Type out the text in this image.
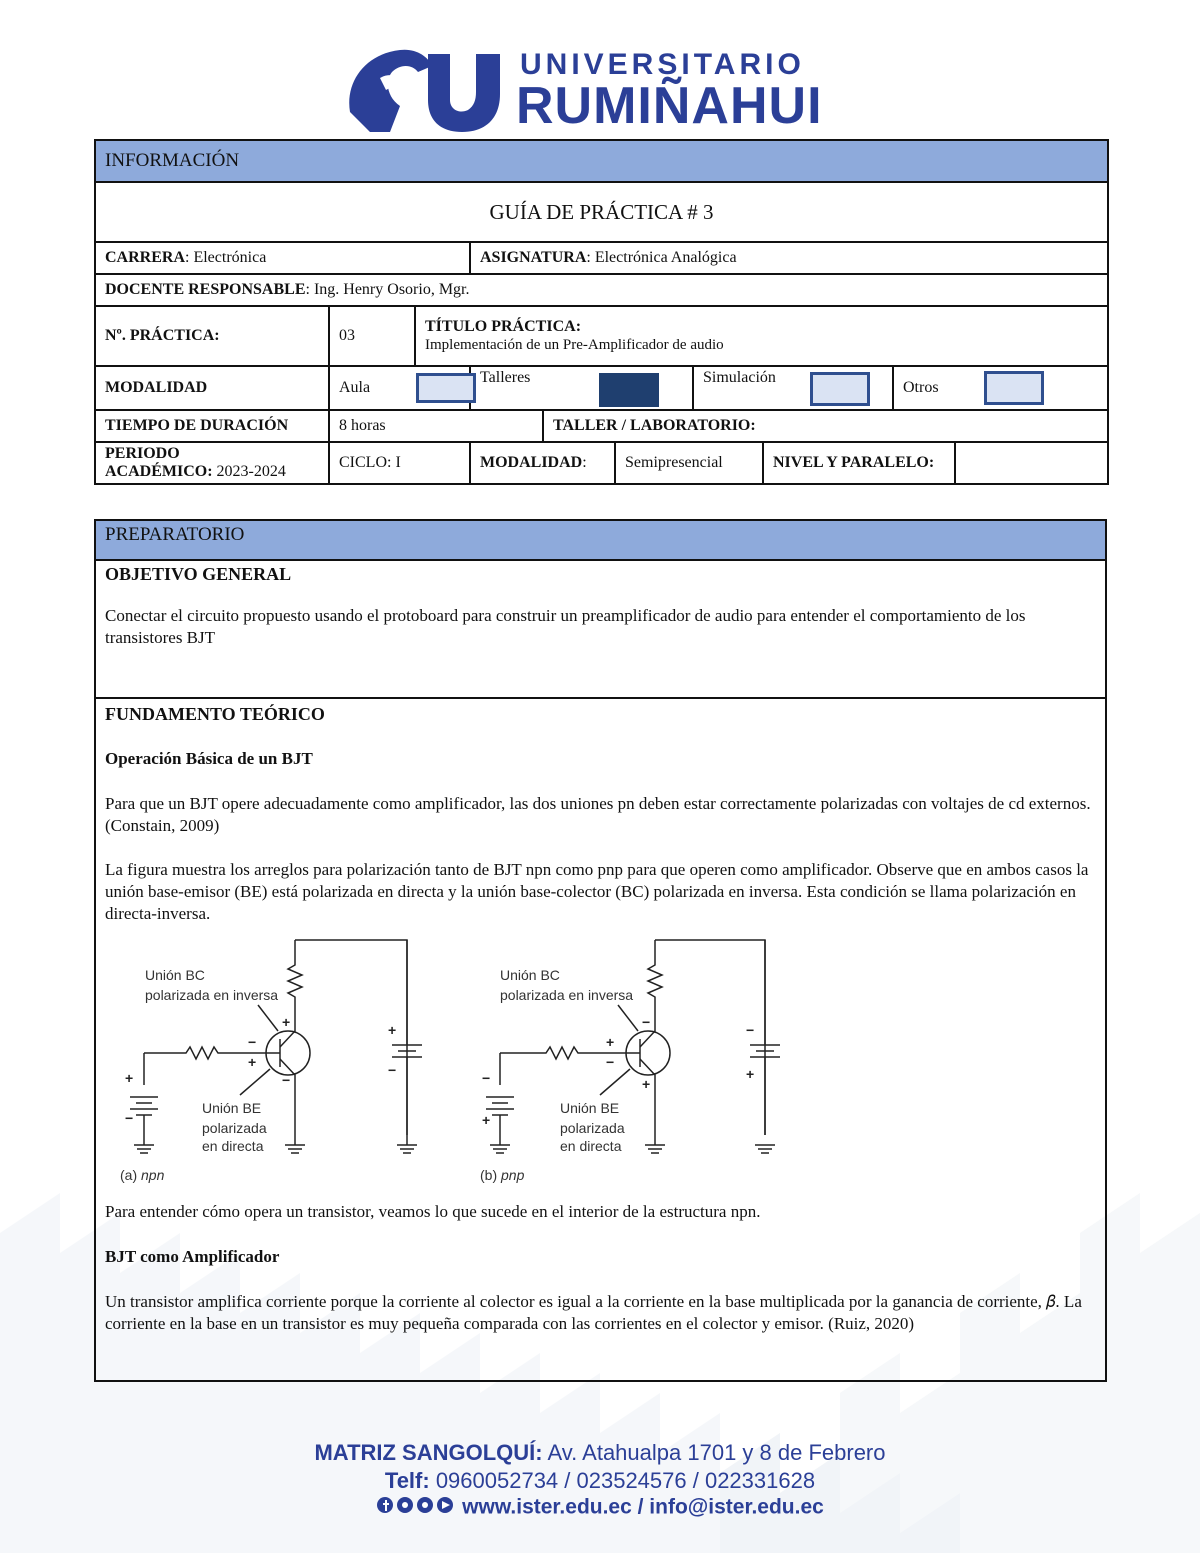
UNIVERSITARIO
RUMIÑAHUI
INFORMACIÓN									
GUÍA DE PRÁCTICA # 3									
CARRERA: Electrónica			ASIGNATURA: Electrónica Analógica						
DOCENTE RESPONSABLE: Ing. Henry Osorio, Mgr.									
Nº. PRÁCTICA:	03	TÍTULO PRÁCTICA:
Implementación de un Pre-Amplificador de audio							

MODALIDAD	Aula		Talleres			Simulación		Otros	

TIEMPO DE DURACIÓN	8 horas			TALLER / LABORATORIO:					

PERIODO
ACADÉMICO: 2023-2024	CICLO: I		MODALIDAD:		Semipresencial		NIVEL Y PARALELO:		
PREPARATORIO

OBJETIVO GENERAL

Conectar el circuito propuesto usando el protoboard para construir un preamplificador de audio para entender el comportamiento de los transistores BJT

FUNDAMENTO TEÓRICO

Operación Básica de un BJT

Para que un BJT opere adecuadamente como amplificador, las dos uniones pn deben estar correctamente polarizadas con voltajes de cd externos. (Constain, 2009)

La figura muestra los arreglos para polarización tanto de BJT npn como pnp para que operen como amplificador. Observe que en ambos casos la unión base-emisor (BE) está polarizada en directa y la unión base-colector (BC) polarizada en inversa. Esta condición se llama polarización en directa-inversa.

Para entender cómo opera un transistor, veamos lo que sucede en el interior de la estructura npn.

BJT como Amplificador

Un transistor amplifica corriente porque la corriente al colector es igual a la corriente en la base multiplicada por la ganancia de corriente, 𝛽. La corriente en la base en un transistor es muy pequeña comparada con las corrientes en el colector y emisor. (Ruiz, 2020)

Unión BC
polarizada en inversa
Unión BE
polarizada
en directa
Unión BC
polarizada en inversa
Unión BE
polarizada
en directa
+
−
+
−
+
−
+
−
−
+
−
+
−
+
−
+
(a) npn	(b) pnp
MATRIZ SANGOLQUÍ: Av. Atahualpa 1701 y 8 de Febrero
Telf: 0960052734 / 023524576 / 022331628
www.ister.edu.ec / info@ister.edu.ec
